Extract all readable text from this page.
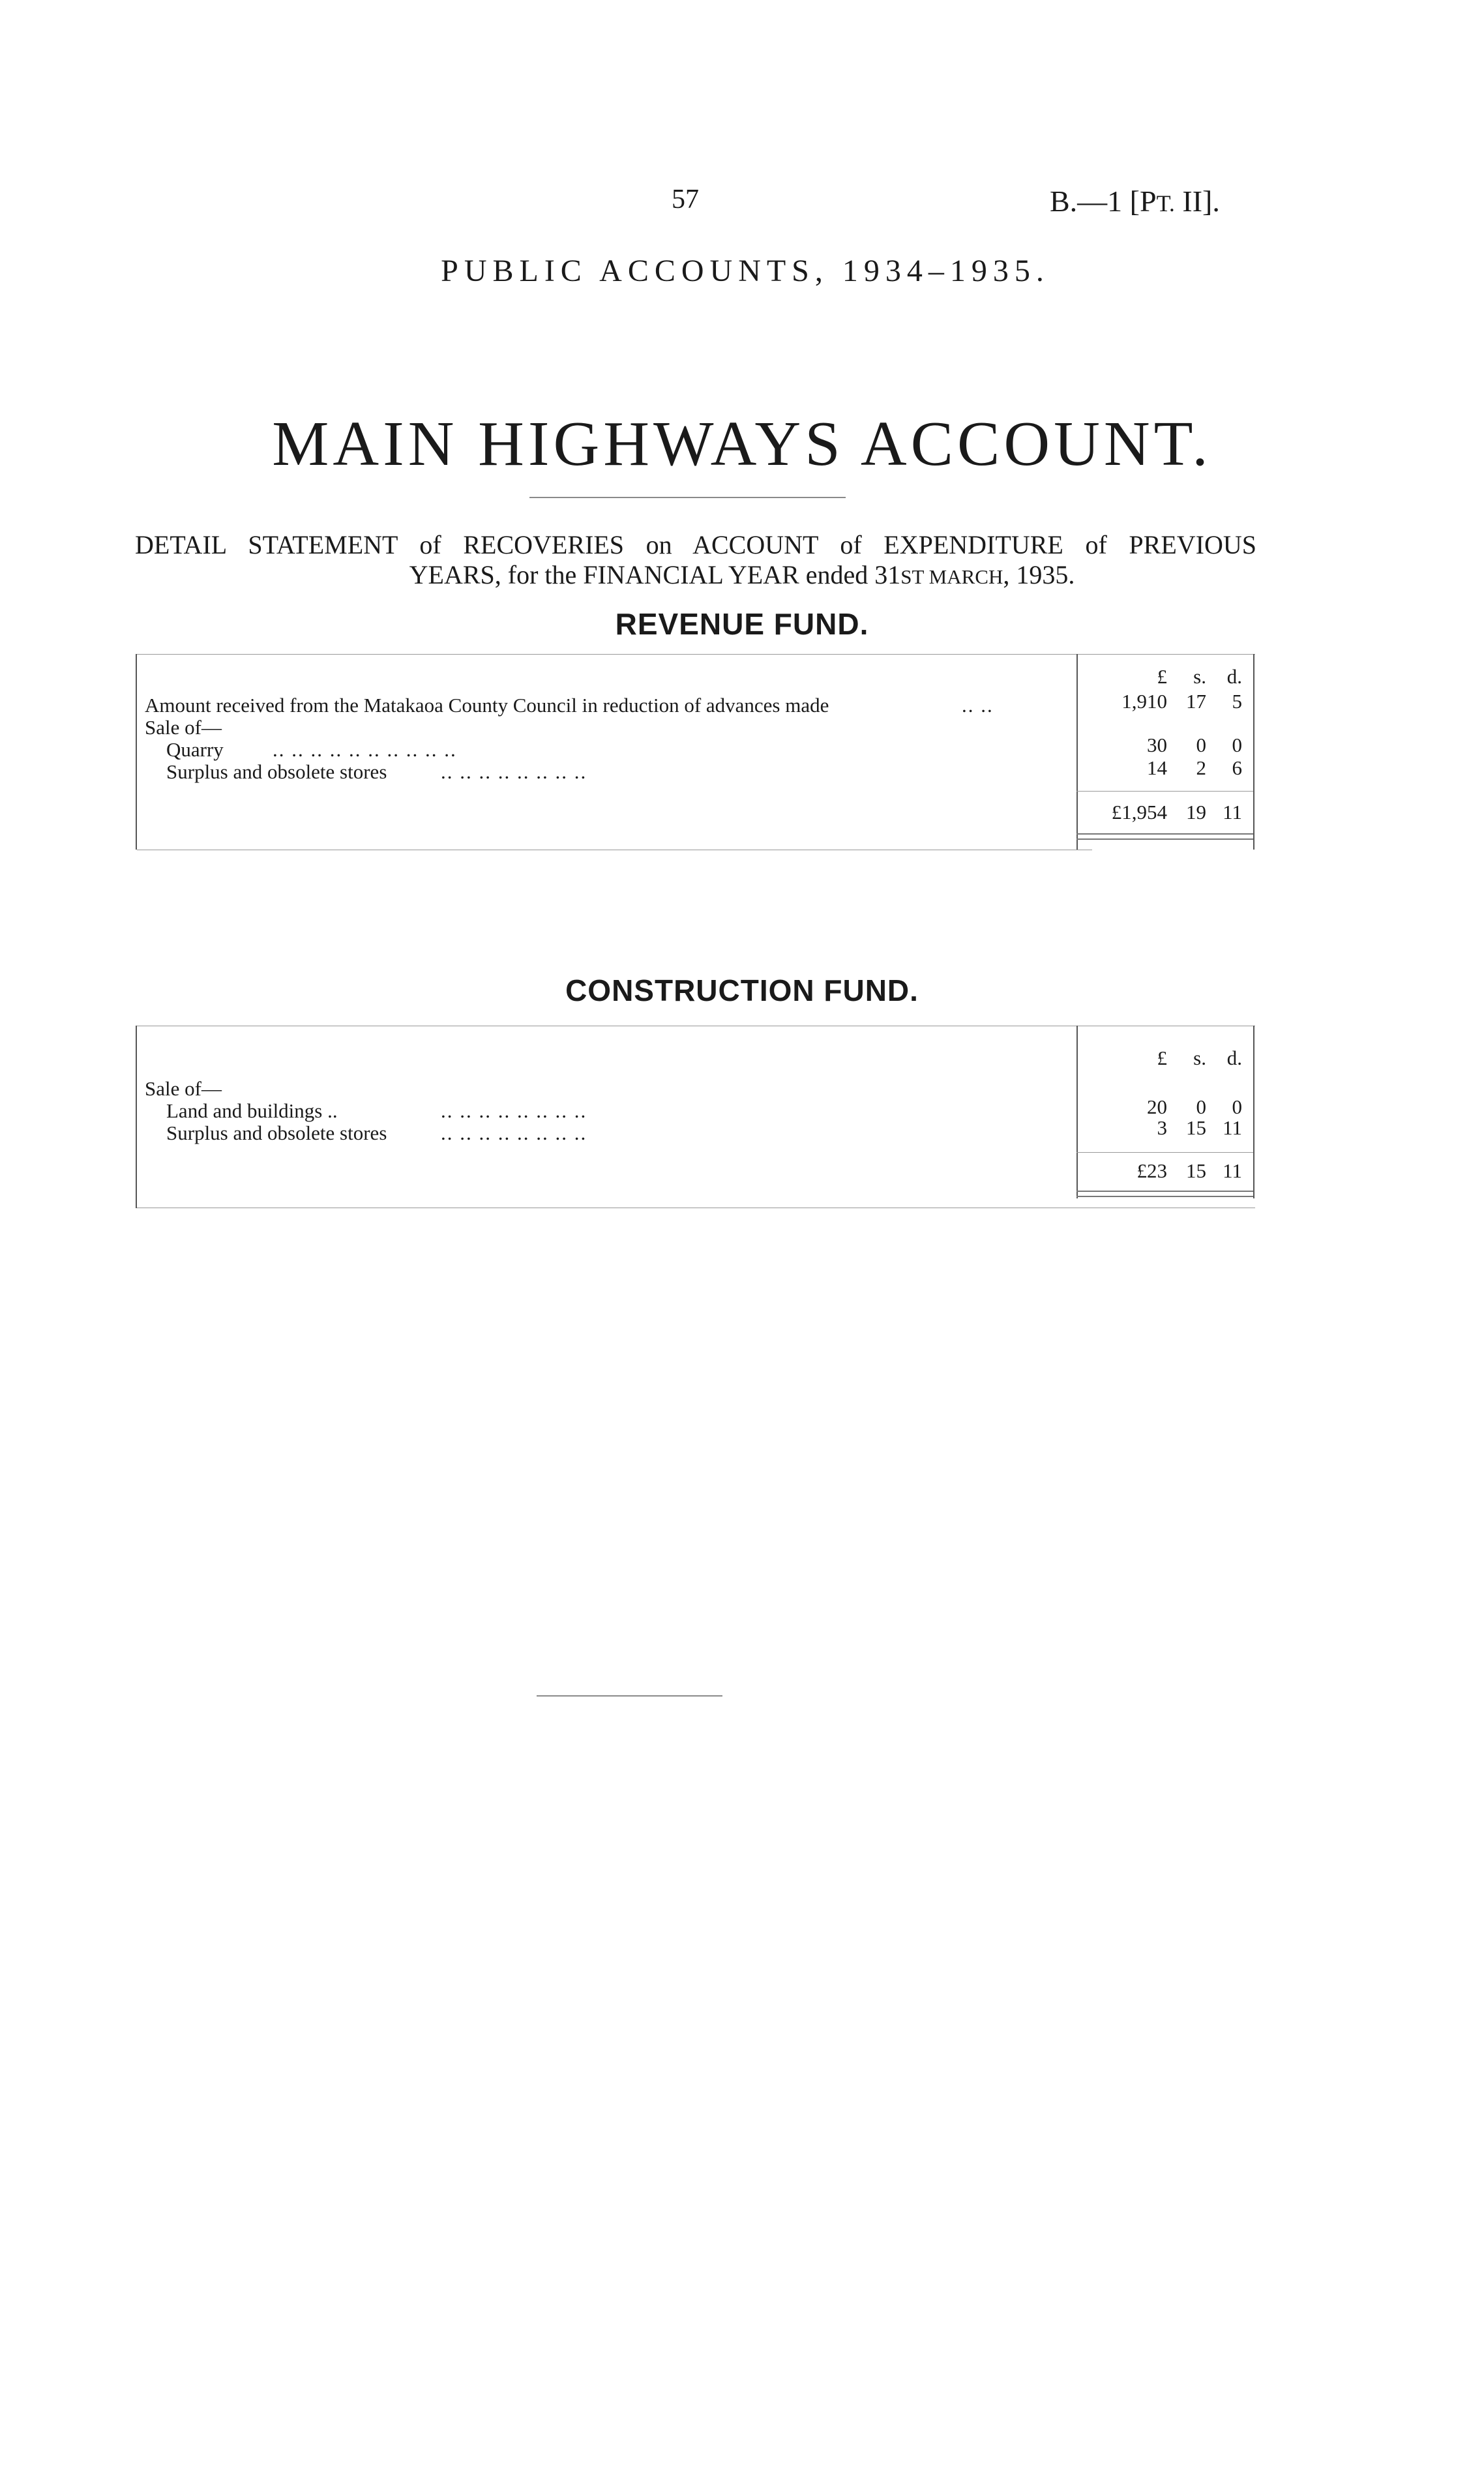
57	B.—1 [PT. II].
PUBLIC ACCOUNTS, 1934–1935.
MAIN HIGHWAYS ACCOUNT.
DETAIL STATEMENT of RECOVERIES on ACCOUNT of EXPENDITURE of PREVIOUS
YEARS, for the FINANCIAL YEAR ended 31ST MARCH, 1935.
REVENUE FUND.
£ s. d.
Amount received from the Matakaoa County Council in reduction of advances made	.. ..	1,910 17 5
Sale of—
Quarry .. .. .. .. .. .. .. .. .. ..	30 0 0
Surplus and obsolete stores	.. .. .. .. .. .. .. ..	14 2 6
£1,954 19 11
CONSTRUCTION FUND.
£ s. d.
Sale of—
Land and buildings ..	.. .. .. .. .. .. .. ..	20 0 0
Surplus and obsolete stores	.. .. .. .. .. .. .. ..	3 15 11
£23 15 11
